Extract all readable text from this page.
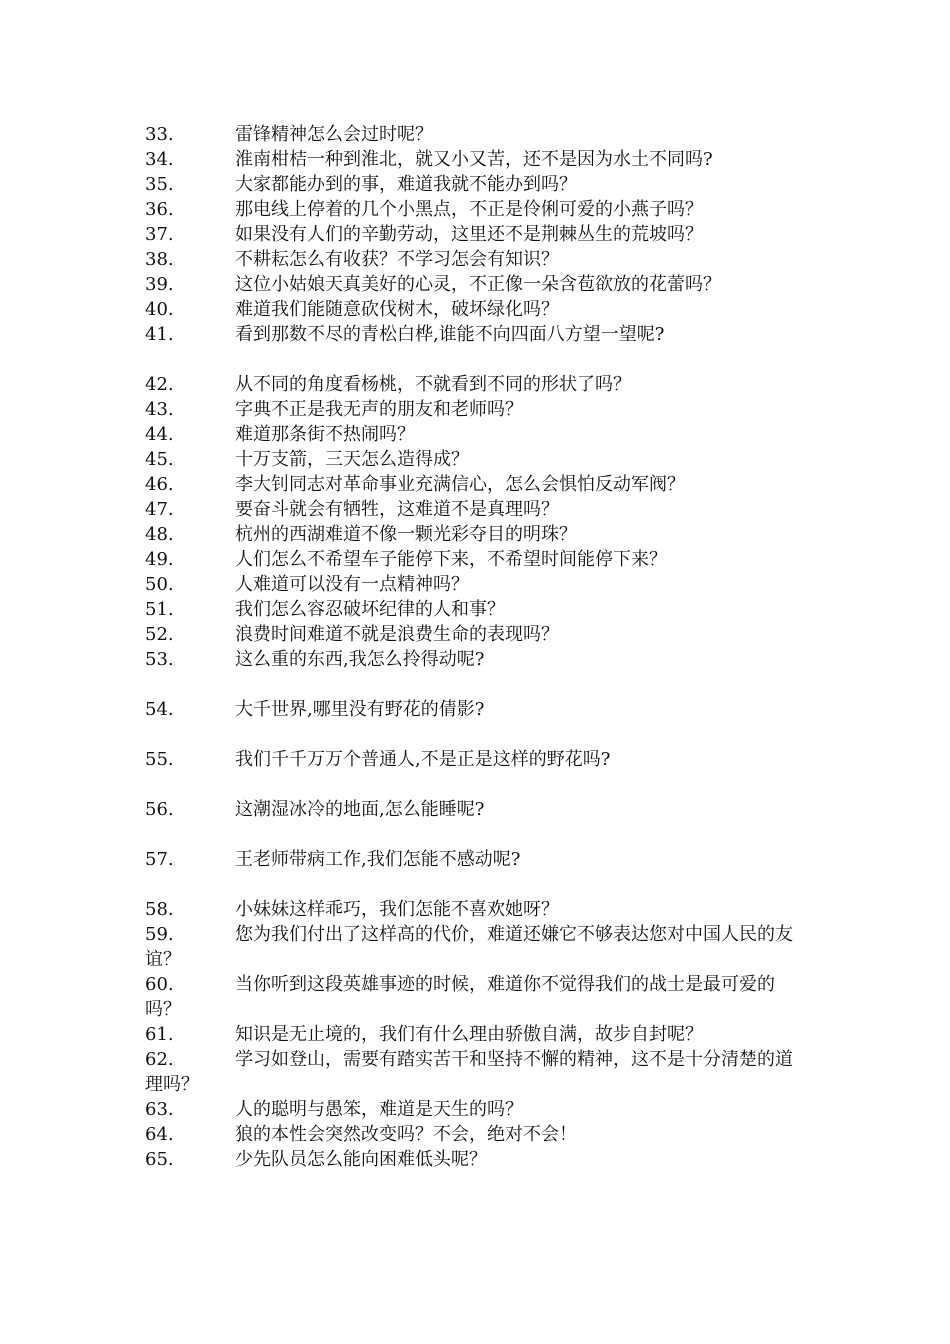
33.	雷锋精神怎么会过时呢？
34.	淮南柑桔一种到淮北，就又小又苦，还不是因为水土不同吗?
35.	大家都能办到的事，难道我就不能办到吗？
36.	那电线上停着的几个小黑点，不正是伶俐可爱的小燕子吗？
37.	如果没有人们的辛勤劳动，这里还不是荆棘丛生的荒坡吗？
38.	不耕耘怎么有收获？不学习怎会有知识？
39.	这位小姑娘天真美好的心灵，不正像一朵含苞欲放的花蕾吗？
40.	难道我们能随意砍伐树木，破坏绿化吗？
41.	看到那数不尽的青松白桦,谁能不向四面八方望一望呢?
42.	从不同的角度看杨桃，不就看到不同的形状了吗？
43.	字典不正是我无声的朋友和老师吗？
44.	难道那条街不热闹吗？
45.	十万支箭，三天怎么造得成？
46.	李大钊同志对革命事业充满信心，怎么会惧怕反动军阀？
47.	要奋斗就会有牺牲，这难道不是真理吗？
48.	杭州的西湖难道不像一颗光彩夺目的明珠？
49.	人们怎么不希望车子能停下来，不希望时间能停下来？
50.	人难道可以没有一点精神吗？
51.	我们怎么容忍破坏纪律的人和事？
52.	浪费时间难道不就是浪费生命的表现吗？
53.	这么重的东西,我怎么拎得动呢?
54.	大千世界,哪里没有野花的倩影?
55.	我们千千万万个普通人,不是正是这样的野花吗?
56.	这潮湿冰冷的地面,怎么能睡呢?
57.	王老师带病工作,我们怎能不感动呢?
58.	小妹妹这样乖巧，我们怎能不喜欢她呀？
59.	您为我们付出了这样高的代价，难道还嫌它不够表达您对中国人民的友谊？
60.	当你听到这段英雄事迹的时候，难道你不觉得我们的战士是最可爱的吗？
61.	知识是无止境的，我们有什么理由骄傲自满，故步自封呢？
62.	学习如登山，需要有踏实苦干和坚持不懈的精神，这不是十分清楚的道理吗？
63.	人的聪明与愚笨，难道是天生的吗？
64.	狼的本性会突然改变吗？不会，绝对不会！
65.	少先队员怎么能向困难低头呢？
